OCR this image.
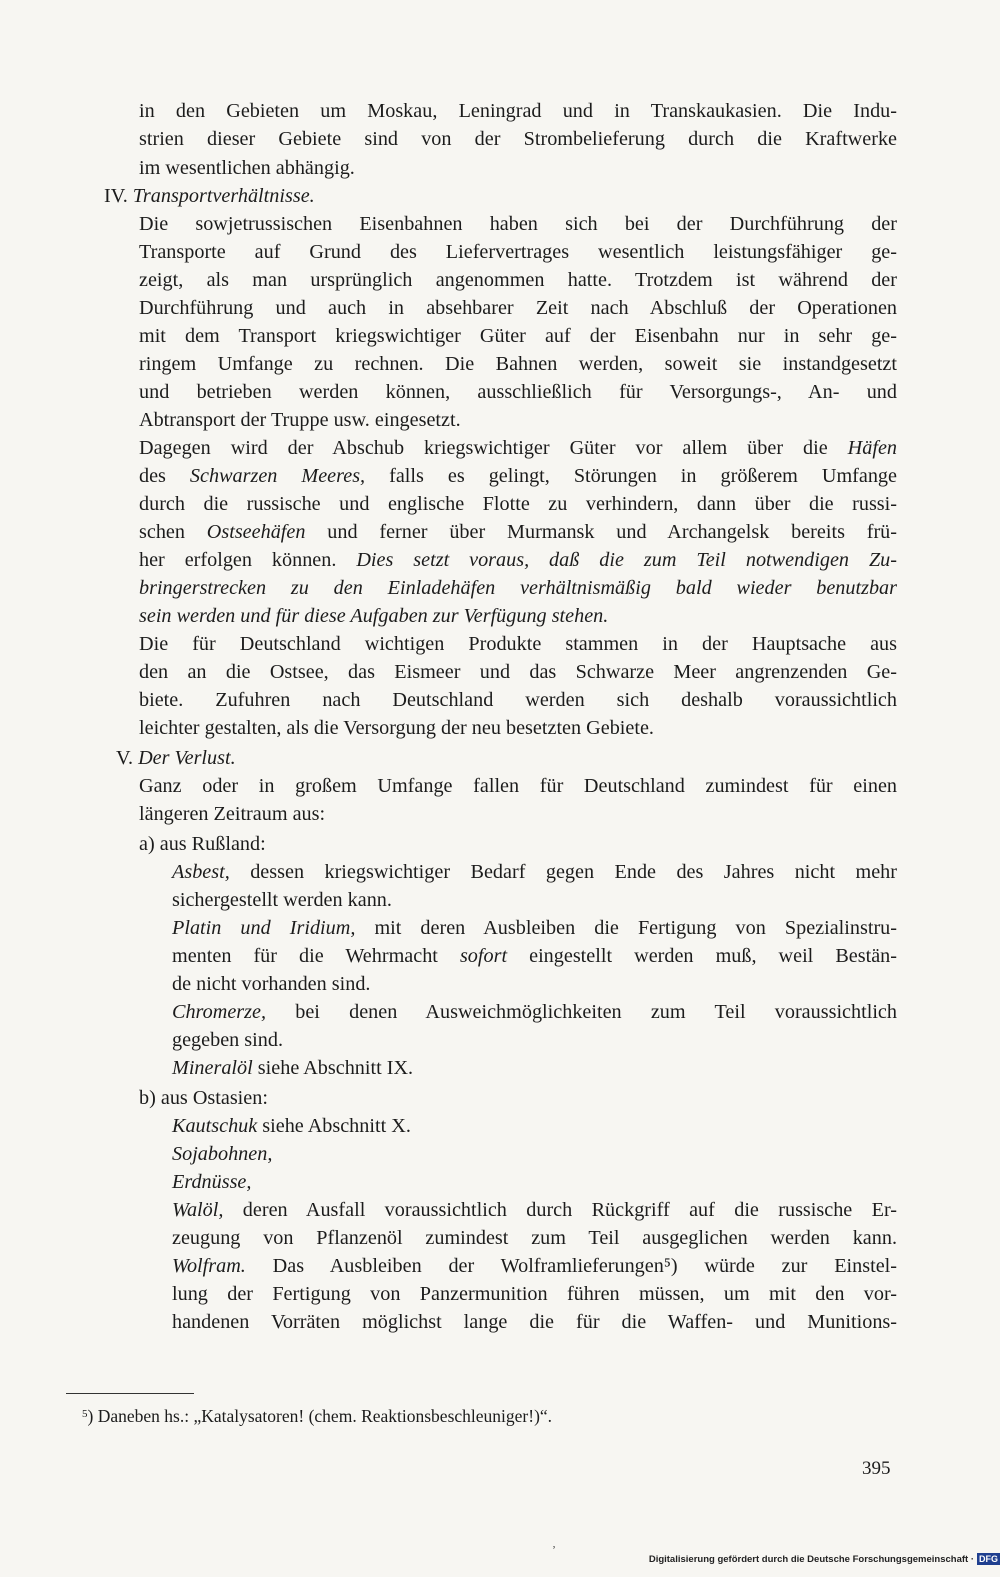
in den Gebieten um Moskau, Leningrad und in Transkaukasien. Die Indu-
strien dieser Gebiete sind von der Strombelieferung durch die Kraftwerke
im wesentlichen abhängig.
IV. Transportverhältnisse.
Die sowjetrussischen Eisenbahnen haben sich bei der Durchführung der
Transporte auf Grund des Liefervertrages wesentlich leistungsfähiger ge-
zeigt, als man ursprünglich angenommen hatte. Trotzdem ist während der
Durchführung und auch in absehbarer Zeit nach Abschluß der Operationen
mit dem Transport kriegswichtiger Güter auf der Eisenbahn nur in sehr ge-
ringem Umfange zu rechnen. Die Bahnen werden, soweit sie instandgesetzt
und betrieben werden können, ausschließlich für Versorgungs-, An- und
Abtransport der Truppe usw. eingesetzt.
Dagegen wird der Abschub kriegswichtiger Güter vor allem über die Häfen
des Schwarzen Meeres, falls es gelingt, Störungen in größerem Umfange
durch die russische und englische Flotte zu verhindern, dann über die russi-
schen Ostseehäfen und ferner über Murmansk und Archangelsk bereits frü-
her erfolgen können. Dies setzt voraus, daß die zum Teil notwendigen Zu-
bringerstrecken zu den Einladehäfen verhältnismäßig bald wieder benutzbar
sein werden und für diese Aufgaben zur Verfügung stehen.
Die für Deutschland wichtigen Produkte stammen in der Hauptsache aus
den an die Ostsee, das Eismeer und das Schwarze Meer angrenzenden Ge-
biete. Zufuhren nach Deutschland werden sich deshalb voraussichtlich
leichter gestalten, als die Versorgung der neu besetzten Gebiete.
V. Der Verlust.
Ganz oder in großem Umfange fallen für Deutschland zumindest für einen
längeren Zeitraum aus:
a) aus Rußland:
Asbest, dessen kriegswichtiger Bedarf gegen Ende des Jahres nicht mehr
sichergestellt werden kann.
Platin und Iridium, mit deren Ausbleiben die Fertigung von Spezialinstru-
menten für die Wehrmacht sofort eingestellt werden muß, weil Bestän-
de nicht vorhanden sind.
Chromerze, bei denen Ausweichmöglichkeiten zum Teil voraussichtlich
gegeben sind.
Mineralöl siehe Abschnitt IX.
b) aus Ostasien:
Kautschuk siehe Abschnitt X.
Sojabohnen,
Erdnüsse,
Walöl, deren Ausfall voraussichtlich durch Rückgriff auf die russische Er-
zeugung von Pflanzenöl zumindest zum Teil ausgeglichen werden kann.
Wolfram. Das Ausbleiben der Wolframlieferungen⁵) würde zur Einstel-
lung der Fertigung von Panzermunition führen müssen, um mit den vor-
handenen Vorräten möglichst lange die für die Waffen- und Munitions-
$^5$) Daneben hs.: „Katalysatoren! (chem. Reaktionsbeschleuniger!)“.
395
‚
Digitalisierung gefördert durch die Deutsche Forschungsgemeinschaft · DFG
